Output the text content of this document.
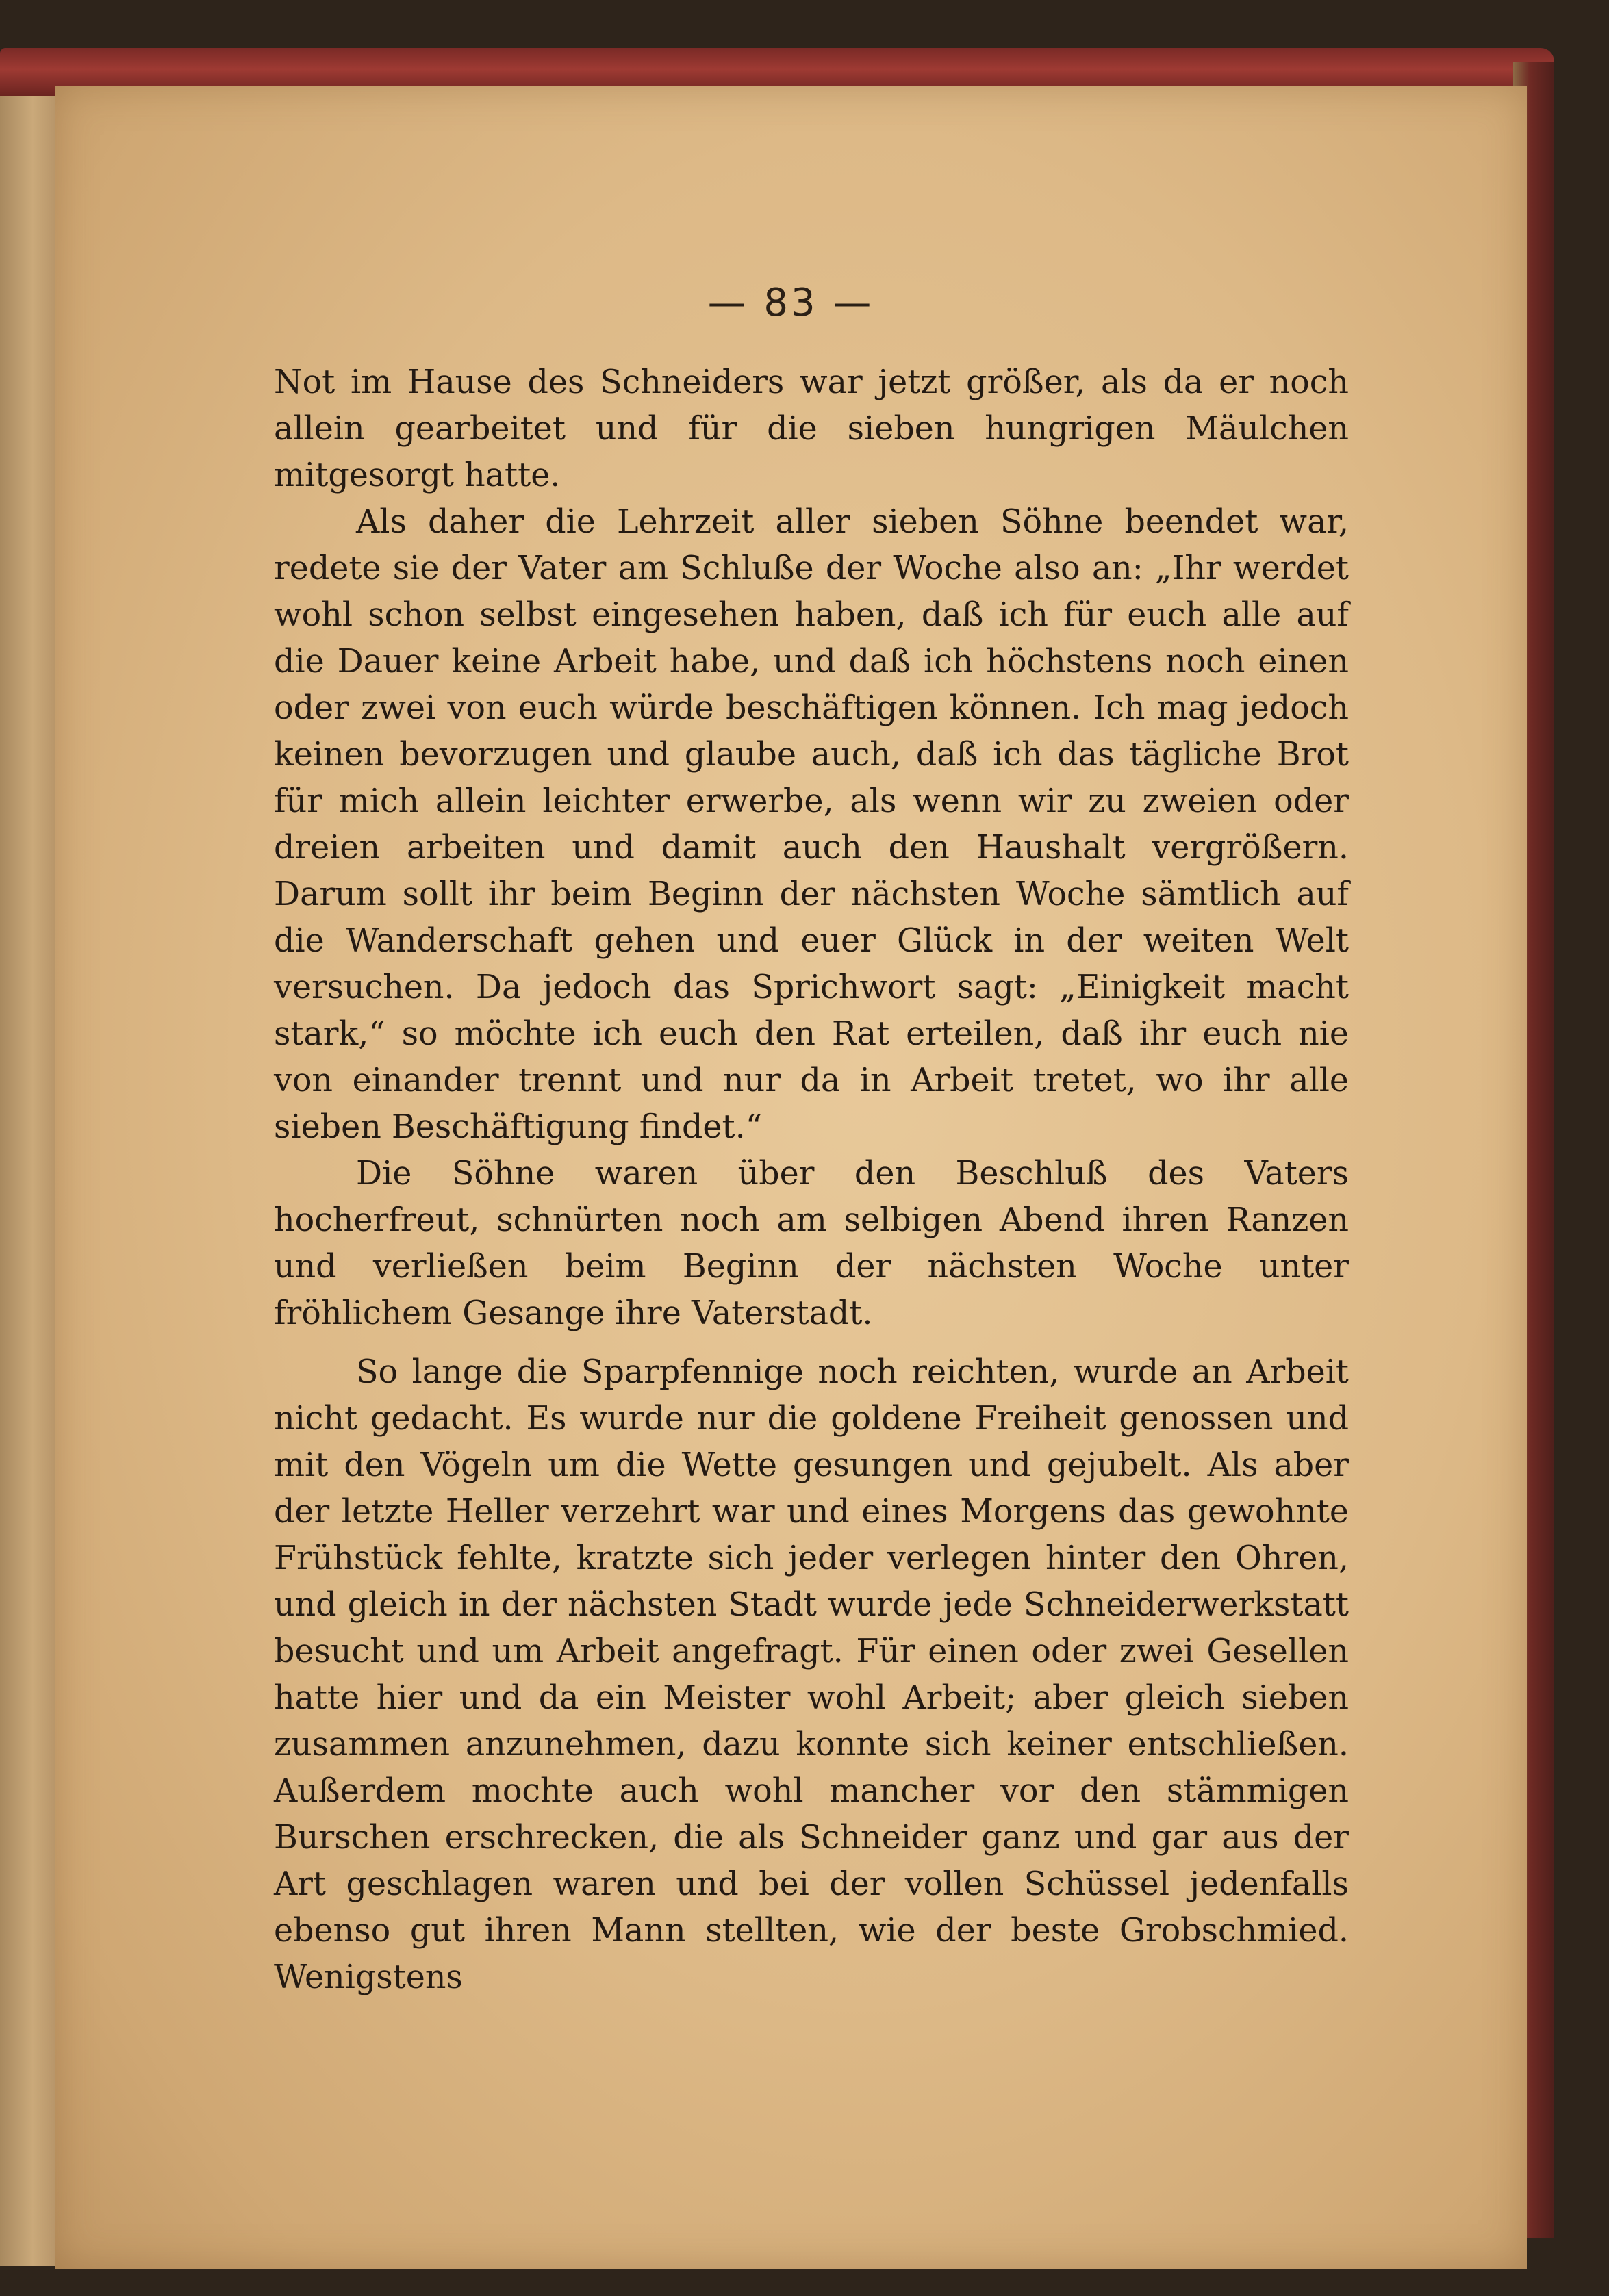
— 83 —

Not im Hause des Schneiders war jetzt größer, als da er noch allein gearbeitet und für die sieben hungrigen Mäulchen mitgesorgt hatte.

Als daher die Lehrzeit aller sieben Söhne beendet war, redete sie der Vater am Schluße der Woche also an: „Ihr werdet wohl schon selbst eingesehen haben, daß ich für euch alle auf die Dauer keine Arbeit habe, und daß ich höchstens noch einen oder zwei von euch würde beschäftigen können. Ich mag jedoch keinen bevorzugen und glaube auch, daß ich das tägliche Brot für mich allein leichter erwerbe, als wenn wir zu zweien oder dreien arbeiten und damit auch den Haushalt vergrößern. Darum sollt ihr beim Beginn der nächsten Woche sämtlich auf die Wanderschaft gehen und euer Glück in der weiten Welt versuchen. Da jedoch das Sprichwort sagt: „Einigkeit macht stark,“ so möchte ich euch den Rat erteilen, daß ihr euch nie von einander trennt und nur da in Arbeit tretet, wo ihr alle sieben Beschäftigung findet.“

Die Söhne waren über den Beschluß des Vaters hocherfreut, schnürten noch am selbigen Abend ihren Ranzen und verließen beim Beginn der nächsten Woche unter fröhlichem Gesange ihre Vaterstadt.

So lange die Sparpfennige noch reichten, wurde an Arbeit nicht gedacht. Es wurde nur die goldene Freiheit genossen und mit den Vögeln um die Wette gesungen und gejubelt. Als aber der letzte Heller verzehrt war und eines Morgens das gewohnte Frühstück fehlte, kratzte sich jeder verlegen hinter den Ohren, und gleich in der nächsten Stadt wurde jede Schneiderwerkstatt besucht und um Arbeit angefragt. Für einen oder zwei Gesellen hatte hier und da ein Meister wohl Arbeit; aber gleich sieben zusammen anzunehmen, dazu konnte sich keiner entschließen. Außerdem mochte auch wohl mancher vor den stämmigen Burschen erschrecken, die als Schneider ganz und gar aus der Art geschlagen waren und bei der vollen Schüssel jedenfalls ebenso gut ihren Mann stellten, wie der beste Grobschmied. Wenigstens
